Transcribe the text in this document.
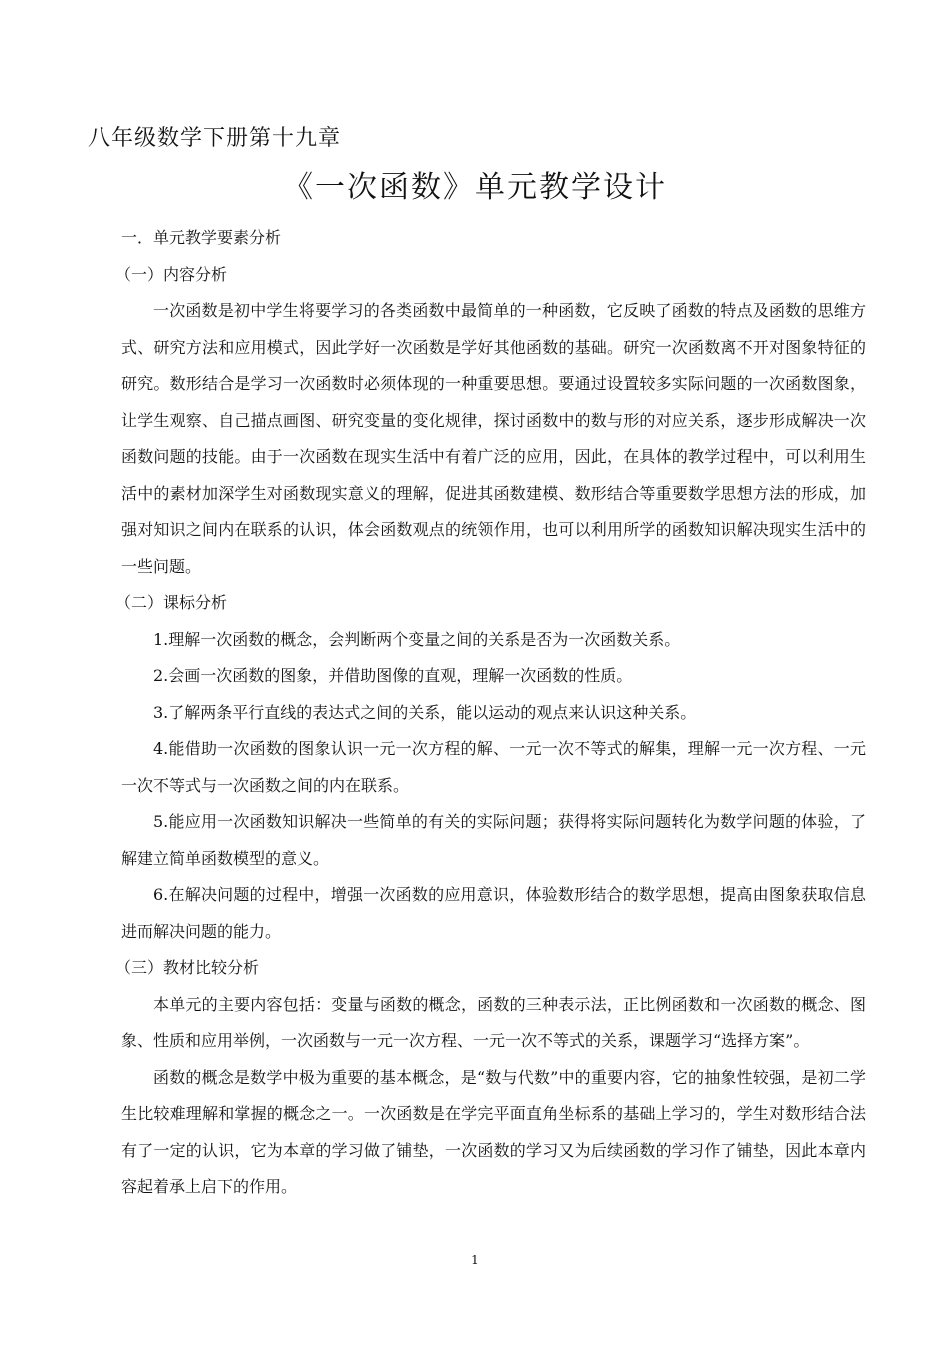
八年级数学下册第十九章
《一次函数》单元教学设计

一．单元教学要素分析

（一）内容分析

一次函数是初中学生将要学习的各类函数中最简单的一种函数，它反映了函数的特点及函数的思维方式、研究方法和应用模式，因此学好一次函数是学好其他函数的基础。研究一次函数离不开对图象特征的研究。数形结合是学习一次函数时必须体现的一种重要思想。要通过设置较多实际问题的一次函数图象，让学生观察、自己描点画图、研究变量的变化规律，探讨函数中的数与形的对应关系，逐步形成解决一次函数问题的技能。由于一次函数在现实生活中有着广泛的应用，因此，在具体的教学过程中，可以利用生活中的素材加深学生对函数现实意义的理解，促进其函数建模、数形结合等重要数学思想方法的形成，加强对知识之间内在联系的认识，体会函数观点的统领作用，也可以利用所学的函数知识解决现实生活中的一些问题。

（二）课标分析

1.理解一次函数的概念，会判断两个变量之间的关系是否为一次函数关系。

2.会画一次函数的图象，并借助图像的直观，理解一次函数的性质。

3.了解两条平行直线的表达式之间的关系，能以运动的观点来认识这种关系。

4.能借助一次函数的图象认识一元一次方程的解、一元一次不等式的解集，理解一元一次方程、一元一次不等式与一次函数之间的内在联系。

5.能应用一次函数知识解决一些简单的有关的实际问题；获得将实际问题转化为数学问题的体验，了解建立简单函数模型的意义。

6.在解决问题的过程中，增强一次函数的应用意识，体验数形结合的数学思想，提高由图象获取信息进而解决问题的能力。

（三）教材比较分析

本单元的主要内容包括：变量与函数的概念，函数的三种表示法，正比例函数和一次函数的概念、图象、性质和应用举例，一次函数与一元一次方程、一元一次不等式的关系，课题学习“选择方案”。

函数的概念是数学中极为重要的基本概念，是“数与代数”中的重要内容，它的抽象性较强，是初二学生比较难理解和掌握的概念之一。一次函数是在学完平面直角坐标系的基础上学习的，学生对数形结合法有了一定的认识，它为本章的学习做了铺垫，一次函数的学习又为后续函数的学习作了铺垫，因此本章内容起着承上启下的作用。

1
